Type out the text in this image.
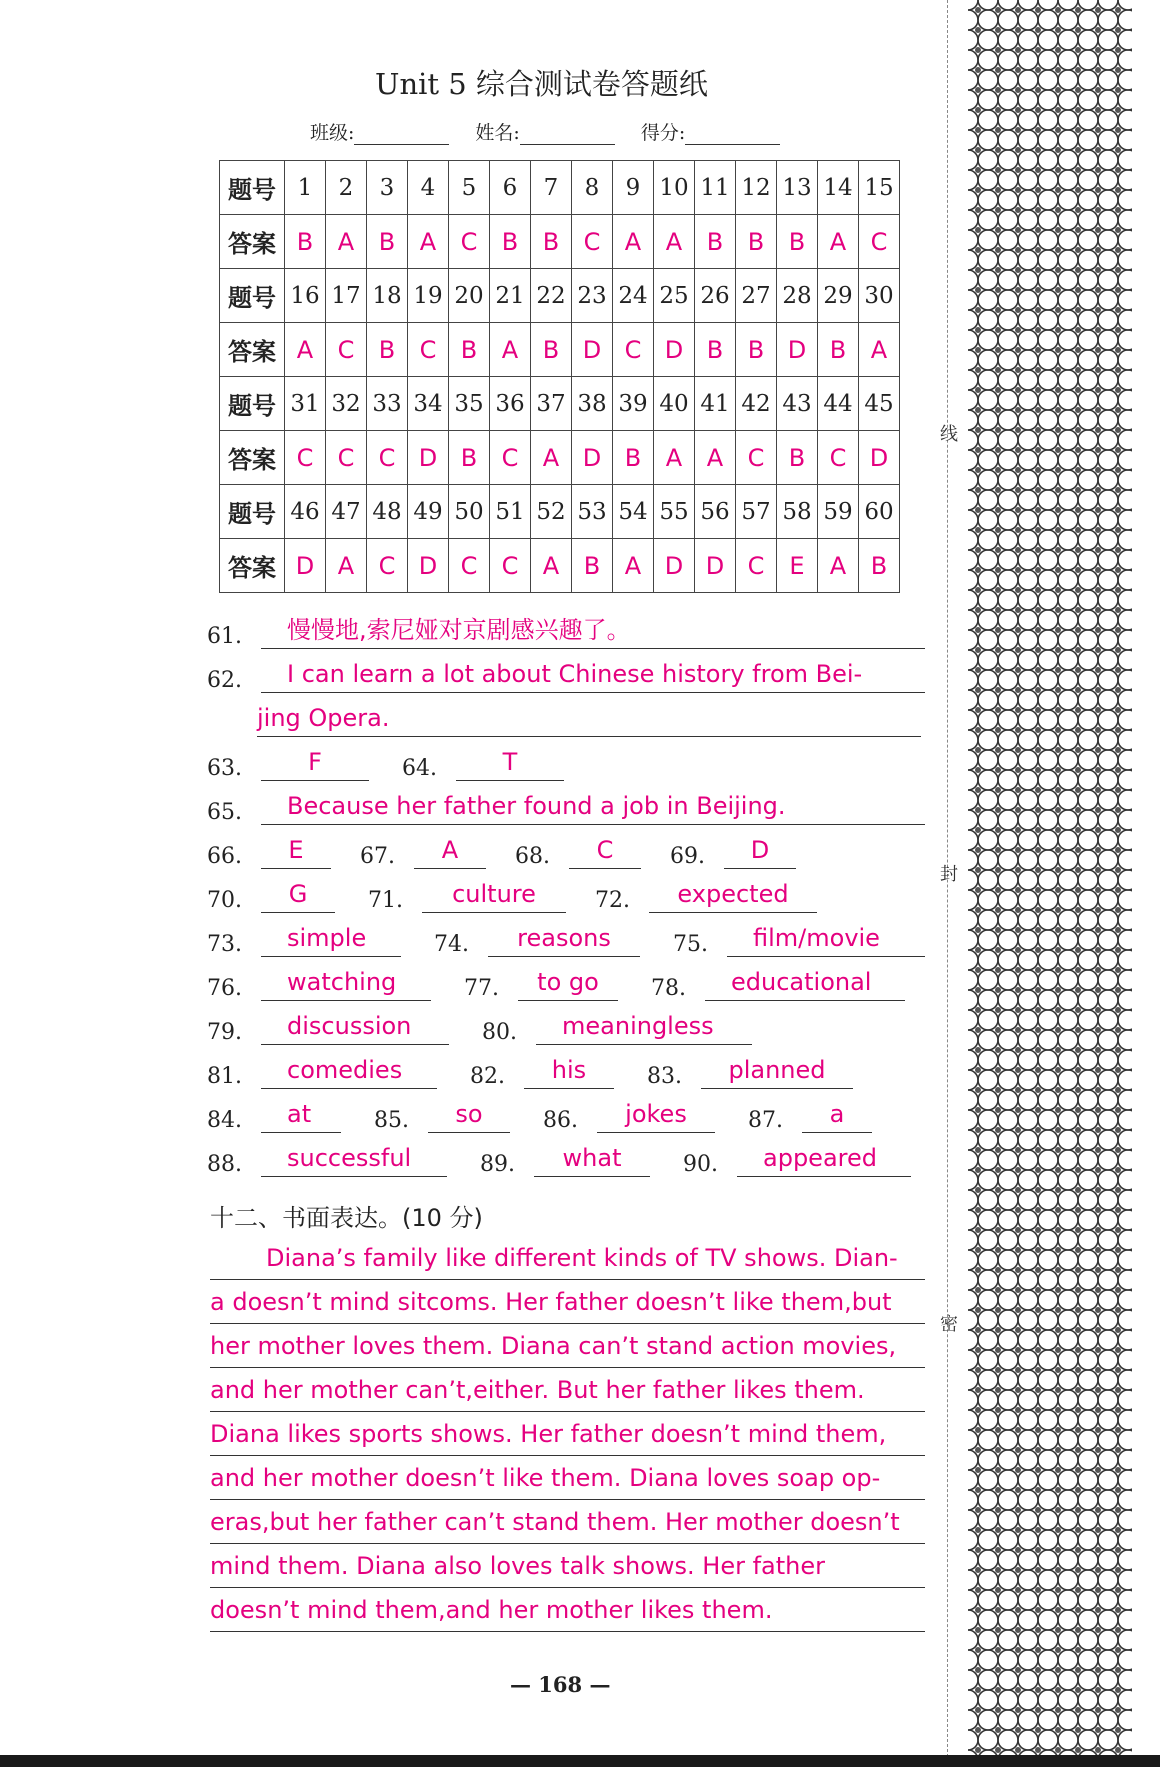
Unit 5 综合测试卷答题纸
班级:	姓名:	得分:
题号	1	2	3	4	5	6	7	8	9	10	11	12	13	14	15
答案	B	A	B	A	C	B	B	C	A	A	B	B	B	A	C
题号	16	17	18	19	20	21	22	23	24	25	26	27	28	29	30
答案	A	C	B	C	B	A	B	D	C	D	B	B	D	B	A
题号	31	32	33	34	35	36	37	38	39	40	41	42	43	44	45
答案	C	C	C	D	B	C	A	D	B	A	A	C	B	C	D
题号	46	47	48	49	50	51	52	53	54	55	56	57	58	59	60
答案	D	A	C	D	C	C	A	B	A	D	D	C	E	A	B
61. 慢慢地,索尼娅对京剧感兴趣了。
62. I can learn a lot about Chinese history from Bei-
jing Opera.
63.	F	64.	T
65. Because her father found a job in Beijing.
66. E	67. A	68. C	69. D
70. G	71. culture	72. expected
73. simple	74. reasons	75. film/movie
76. watching	77. to go 78. educational
79. discussion	80. meaningless
81. comedies	82. his	83. planned
84. at	85. so	86. jokes	87. a
88. successful	89. what	90. appeared
十二、书面表达。(10 分)
Diana’s family like different kinds of TV shows. Dian-
a doesn’t mind sitcoms. Her father doesn’t like them,but
her mother loves them. Diana can’t stand action movies,
and her mother can’t,either. But her father likes them.
Diana likes sports shows. Her father doesn’t mind them,
and her mother doesn’t like them. Diana loves soap op-
eras,but her father can’t stand them. Her mother doesn’t
mind them. Diana also loves talk shows. Her father
doesn’t mind them,and her mother likes them.
— 168 —
线
封
密
